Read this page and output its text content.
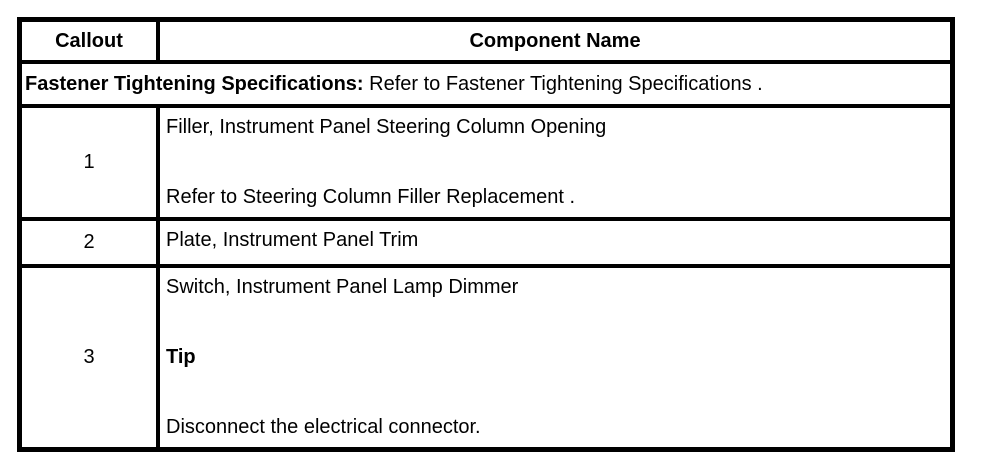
Callout	Component Name
Fastener Tightening Specifications: Refer to Fastener Tightening Specifications .	
1	Filler, Instrument Panel Steering Column Opening
Refer to Steering Column Filler Replacement .

2	Plate, Instrument Panel Trim

3	Switch, Instrument Panel Lamp Dimmer
Tip
Disconnect the electrical connector.
